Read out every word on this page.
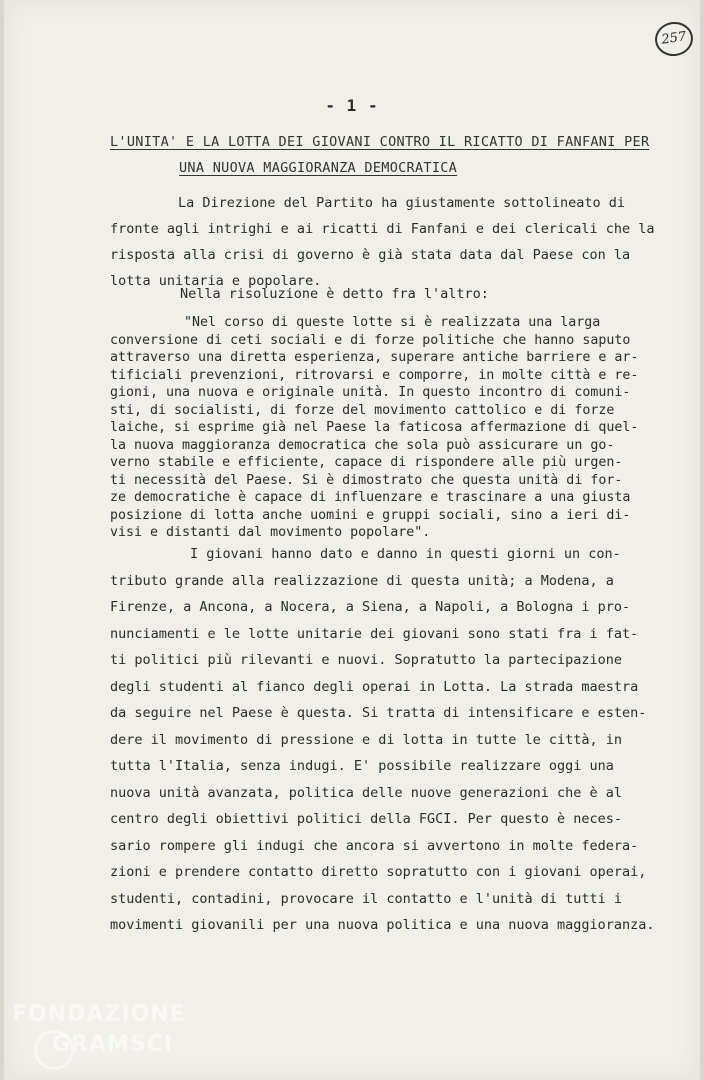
257
- 1 -
L'UNITA' E LA LOTTA DEI GIOVANI CONTRO IL RICATTO DI FANFANI PER
UNA NUOVA MAGGIORANZA DEMOCRATICA

La Direzione del Partito ha giustamente sottolineato di

fronte agli intrighi e ai ricatti di Fanfani e dei clericali che la

risposta alla crisi di governo è già stata data dal Paese con la

lotta unitaria e popolare.

Nella risoluzione è detto fra l'altro:

"Nel corso di queste lotte si è realizzata una larga

conversione di ceti sociali e di forze politiche che hanno saputo

attraverso una diretta esperienza, superare antiche barriere e ar-

tificiali prevenzioni, ritrovarsi e comporre, in molte città e re-

gioni, una nuova e originale unità. In questo incontro di comuni-

sti, di socialisti, di forze del movimento cattolico e di forze

laiche, si esprime già nel Paese la faticosa affermazione di quel-

la nuova maggioranza democratica che sola può assicurare un go-

verno stabile e efficiente, capace di rispondere alle più urgen-

ti necessità del Paese. Si è dimostrato che questa unità di for-

ze democratiche è capace di influenzare e trascinare a una giusta

posizione di lotta anche uomini e gruppi sociali, sino a ieri di-

visi e distanti dal movimento popolare".

I giovani hanno dato e danno in questi giorni un con-

tributo grande alla realizzazione di questa unità; a Modena, a

Firenze, a Ancona, a Nocera, a Siena, a Napoli, a Bologna i pro-

nunciamenti e le lotte unitarie dei giovani sono stati fra i fat-

ti politici più rilevanti e nuovi. Sopratutto la partecipazione

degli studenti al fianco degli operai in Lotta. La strada maestra

da seguire nel Paese è questa. Si tratta di intensificare e esten-

dere il movimento di pressione e di lotta in tutte le città, in

tutta l'Italia, senza indugi. E' possibile realizzare oggi una

nuova unità avanzata, politica delle nuove generazioni che è al

centro degli obiettivi politici della FGCI. Per questo è neces-

sario rompere gli indugi che ancora si avvertono in molte federa-

zioni e prendere contatto diretto sopratutto con i giovani operai,

studenti, contadini, provocare il contatto e l'unità di tutti i

movimenti giovanili per una nuova politica e una nuova maggioranza.

FONDAZIONE
GRAMSCI
